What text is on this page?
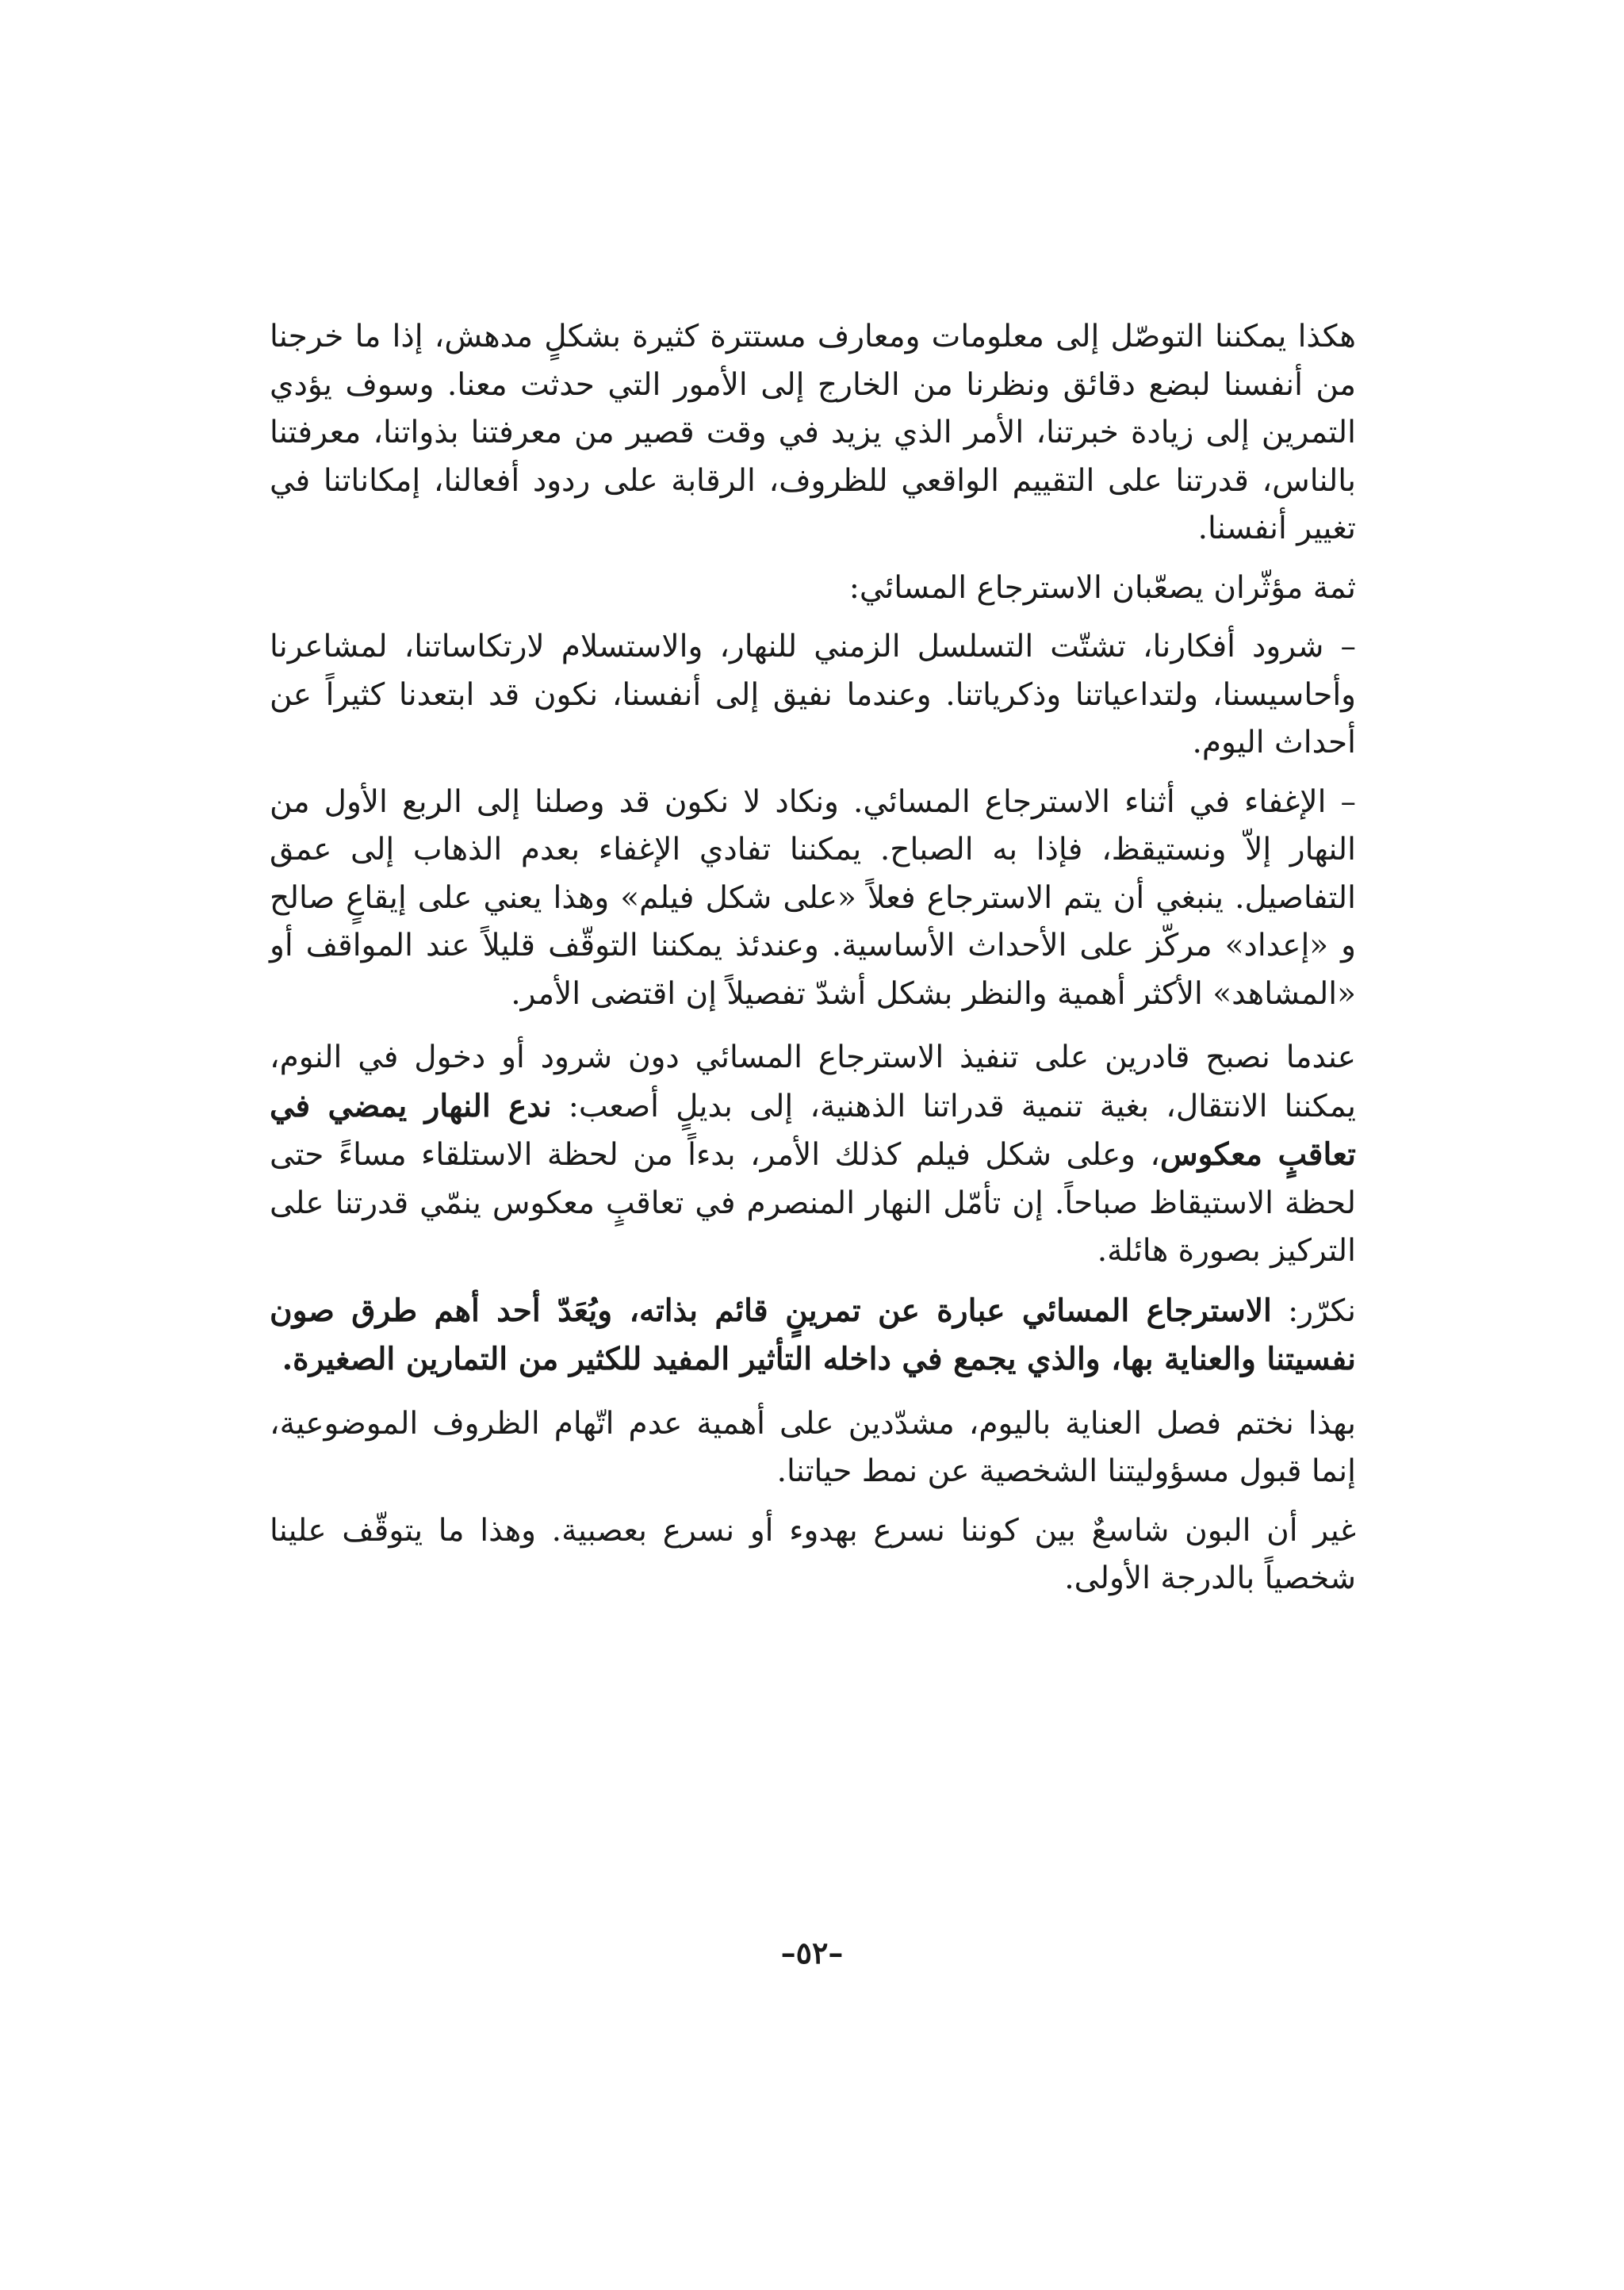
هكذا يمكننا التوصّل إلى معلومات ومعارف مستترة كثيرة بشكلٍ مدهش، إذا ما خرجنا من أنفسنا لبضع دقائق ونظرنا من الخارج إلى الأمور التي حدثت معنا. وسوف يؤدي التمرين إلى زيادة خبرتنا، الأمر الذي يزيد في وقت قصير من معرفتنا بذواتنا، معرفتنا بالناس، قدرتنا على التقييم الواقعي للظروف، الرقابة على ردود أفعالنا، إمكاناتنا في تغيير أنفسنا.

ثمة مؤثّران يصعّبان الاسترجاع المسائي:

– شرود أفكارنا، تشتّت التسلسل الزمني للنهار، والاستسلام لارتكاساتنا، لمشاعرنا وأحاسيسنا، ولتداعياتنا وذكرياتنا. وعندما نفيق إلى أنفسنا، نكون قد ابتعدنا كثيراً عن أحداث اليوم.

– الإغفاء في أثناء الاسترجاع المسائي. ونكاد لا نكون قد وصلنا إلى الربع الأول من النهار إلاّ ونستيقظ، فإذا به الصباح. يمكننا تفادي الإغفاء بعدم الذهاب إلى عمق التفاصيل. ينبغي أن يتم الاسترجاع فعلاً «على شكل فيلم» وهذا يعني على إيقاعٍ صالح و «إعداد» مركّز على الأحداث الأساسية. وعندئذ يمكننا التوقّف قليلاً عند المواقف أو «المشاهد» الأكثر أهمية والنظر بشكل أشدّ تفصيلاً إن اقتضى الأمر.

عندما نصبح قادرين على تنفيذ الاسترجاع المسائي دون شرود أو دخول في النوم، يمكننا الانتقال، بغية تنمية قدراتنا الذهنية، إلى بديلٍ أصعب: ندع النهار يمضي في تعاقبٍ معكوس، وعلى شكل فيلم كذلك الأمر، بدءاً من لحظة الاستلقاء مساءً حتى لحظة الاستيقاظ صباحاً. إن تأمّل النهار المنصرم في تعاقبٍ معكوس ينمّي قدرتنا على التركيز بصورة هائلة.

نكرّر: الاسترجاع المسائي عبارة عن تمرينٍ قائم بذاته، ويُعَدّ أحد أهم طرق صون نفسيتنا والعناية بها، والذي يجمع في داخله التأثير المفيد للكثير من التمارين الصغيرة.

بهذا نختم فصل العناية باليوم، مشدّدين على أهمية عدم اتّهام الظروف الموضوعية، إنما قبول مسؤوليتنا الشخصية عن نمط حياتنا.

غير أن البون شاسعٌ بين كوننا نسرع بهدوء أو نسرع بعصبية. وهذا ما يتوقّف علينا شخصياً بالدرجة الأولى.

–٥٢–
